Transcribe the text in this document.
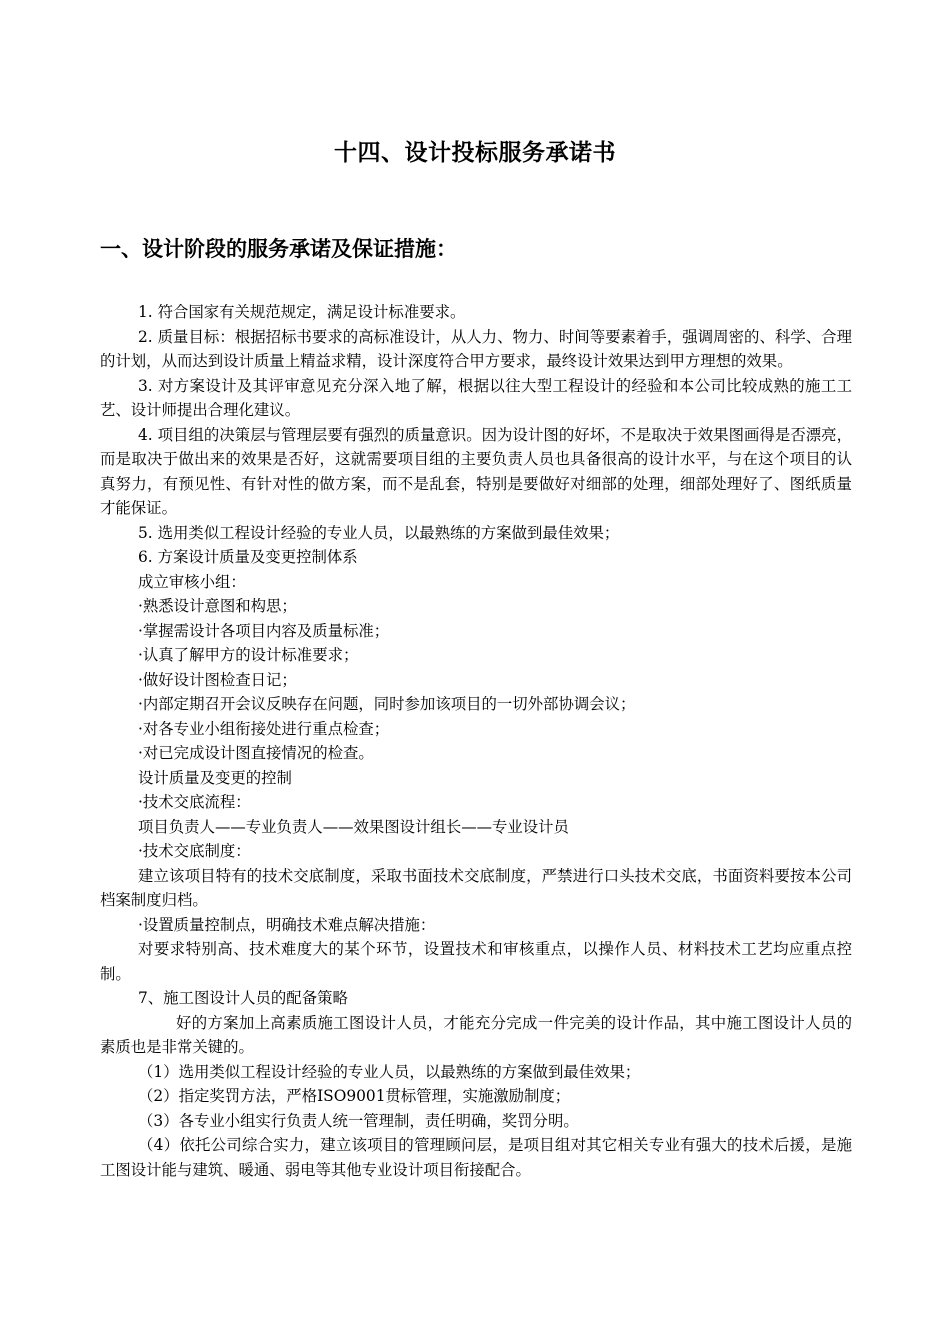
十四、设计投标服务承诺书
一、设计阶段的服务承诺及保证措施：

1. 符合国家有关规范规定，满足设计标准要求。

2. 质量目标：根据招标书要求的高标准设计，从人力、物力、时间等要素着手，强调周密的、科学、合理的计划，从而达到设计质量上精益求精，设计深度符合甲方要求，最终设计效果达到甲方理想的效果。

3. 对方案设计及其评审意见充分深入地了解，根据以往大型工程设计的经验和本公司比较成熟的施工工艺、设计师提出合理化建议。

4. 项目组的决策层与管理层要有强烈的质量意识。因为设计图的好坏，不是取决于效果图画得是否漂亮，而是取决于做出来的效果是否好，这就需要项目组的主要负责人员也具备很高的设计水平，与在这个项目的认真努力，有预见性、有针对性的做方案，而不是乱套，特别是要做好对细部的处理，细部处理好了、图纸质量才能保证。

5. 选用类似工程设计经验的专业人员，以最熟练的方案做到最佳效果；

6. 方案设计质量及变更控制体系

成立审核小组：

·熟悉设计意图和构思；

·掌握需设计各项目内容及质量标准；

·认真了解甲方的设计标准要求；

·做好设计图检查日记；

·内部定期召开会议反映存在问题，同时参加该项目的一切外部协调会议；

·对各专业小组衔接处进行重点检查；

·对已完成设计图直接情况的检查。

设计质量及变更的控制

·技术交底流程：

项目负责人——专业负责人——效果图设计组长——专业设计员

·技术交底制度：

建立该项目特有的技术交底制度，采取书面技术交底制度，严禁进行口头技术交底，书面资料要按本公司档案制度归档。

·设置质量控制点，明确技术难点解决措施：

对要求特别高、技术难度大的某个环节，设置技术和审核重点，以操作人员、材料技术工艺均应重点控制。

7、施工图设计人员的配备策略

好的方案加上高素质施工图设计人员，才能充分完成一件完美的设计作品，其中施工图设计人员的素质也是非常关键的。

（1）选用类似工程设计经验的专业人员，以最熟练的方案做到最佳效果；

（2）指定奖罚方法，严格ISO9001贯标管理，实施激励制度；

（3）各专业小组实行负责人统一管理制，责任明确，奖罚分明。

（4）依托公司综合实力，建立该项目的管理顾问层，是项目组对其它相关专业有强大的技术后援，是施工图设计能与建筑、暖通、弱电等其他专业设计项目衔接配合。
